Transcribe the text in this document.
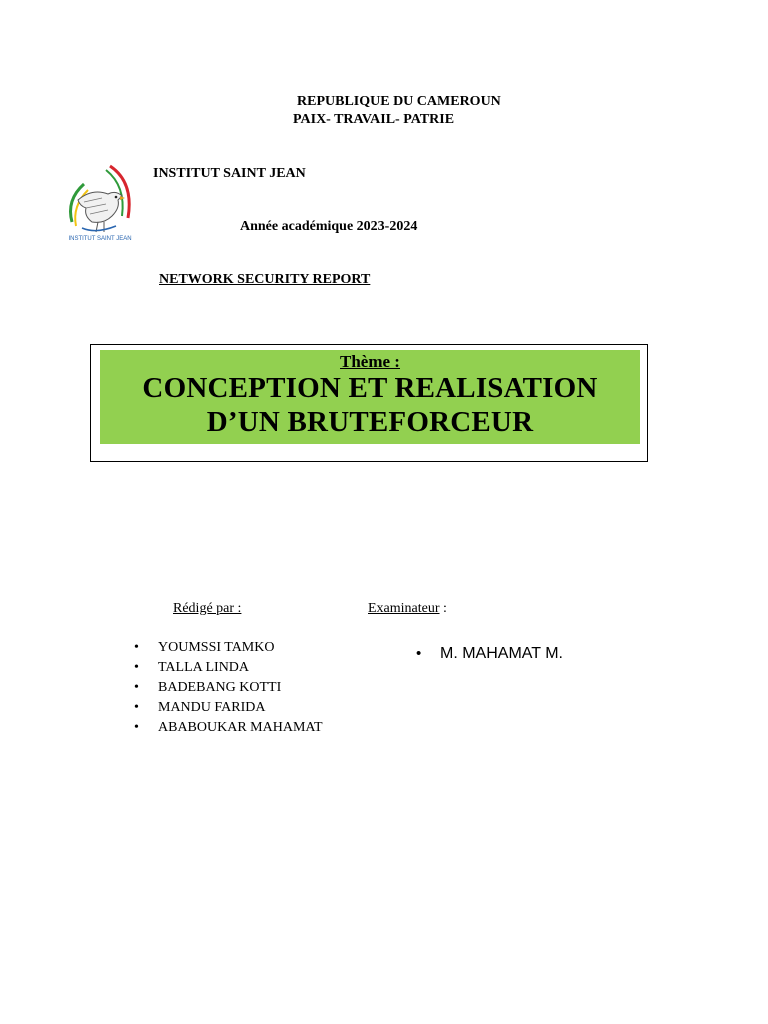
REPUBLIQUE DU CAMEROUN
PAIX- TRAVAIL- PATRIE
INSTITUT SAINT JEAN
INSTITUT SAINT JEAN
Année académique 2023-2024
NETWORK SECURITY REPORT
Thème :
CONCEPTION ET REALISATION
D’UN BRUTEFORCEUR
Rédigé par :	Examinateur :
• YOUMSSI TAMKO
• TALLA LINDA
• BADEBANG KOTTI
• MANDU FARIDA
• ABABOUKAR MAHAMAT
• M. MAHAMAT M.
